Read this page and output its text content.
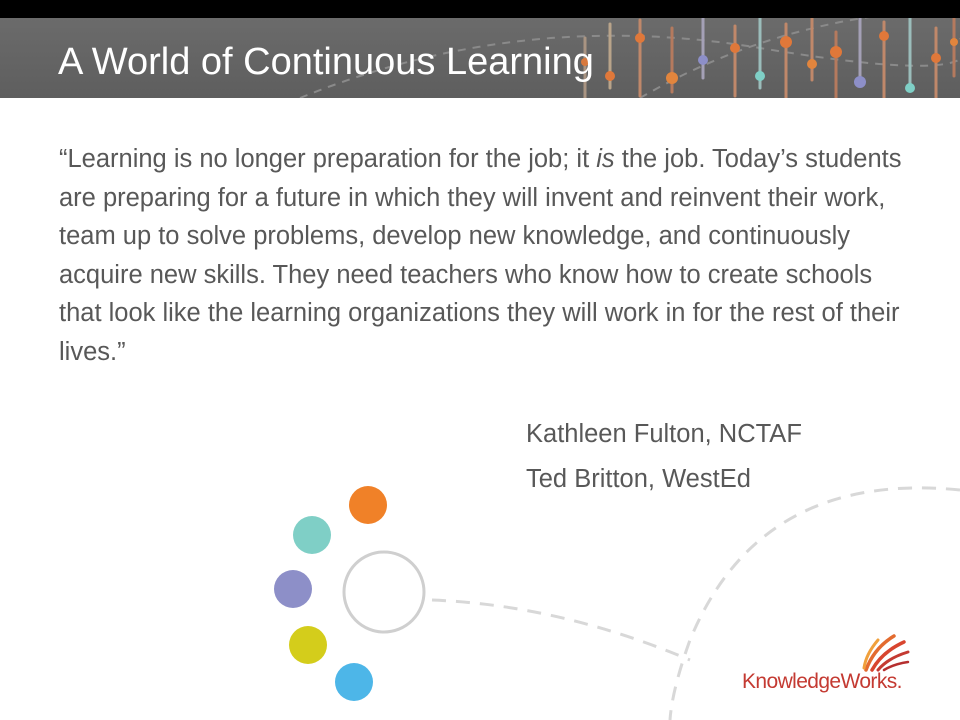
A World of Continuous Learning

“Learning is no longer preparation for the job; it is the job. Today’s students are preparing for a future in which they will invent and reinvent their work, team up to solve problems, develop new knowledge, and continuously acquire new skills. They need teachers who know how to create schools that look like the learning organizations they will work in for the rest of their lives.”

Kathleen Fulton, NCTAF

Ted Britton, WestEd

KnowledgeWorks.
